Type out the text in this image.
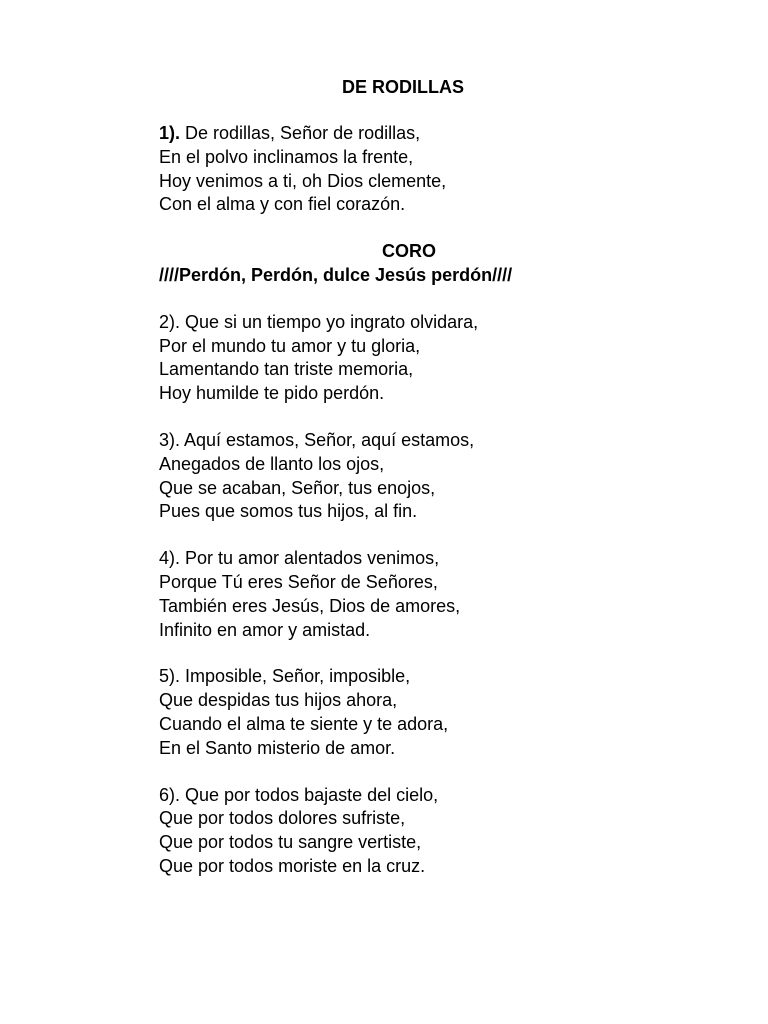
DE RODILLAS
1). De rodillas, Señor de rodillas,
En el polvo inclinamos la frente,
Hoy venimos a ti, oh Dios clemente,
Con el alma y con fiel corazón.
CORO
////Perdón, Perdón, dulce Jesús perdón////
2). Que si un tiempo yo ingrato olvidara,
Por el mundo tu amor y tu gloria,
Lamentando tan triste memoria,
Hoy humilde te pido perdón.
3). Aquí estamos, Señor, aquí estamos,
Anegados de llanto los ojos,
Que se acaban, Señor, tus enojos,
Pues que somos tus hijos, al fin.
4). Por tu amor alentados venimos,
Porque Tú eres Señor de Señores,
También eres Jesús, Dios de amores,
Infinito en amor y amistad.
5). Imposible, Señor, imposible,
Que despidas tus hijos ahora,
Cuando el alma te siente y te adora,
En el Santo misterio de amor.
6). Que por todos bajaste del cielo,
Que por todos dolores sufriste,
Que por todos tu sangre vertiste,
Que por todos moriste en la cruz.
